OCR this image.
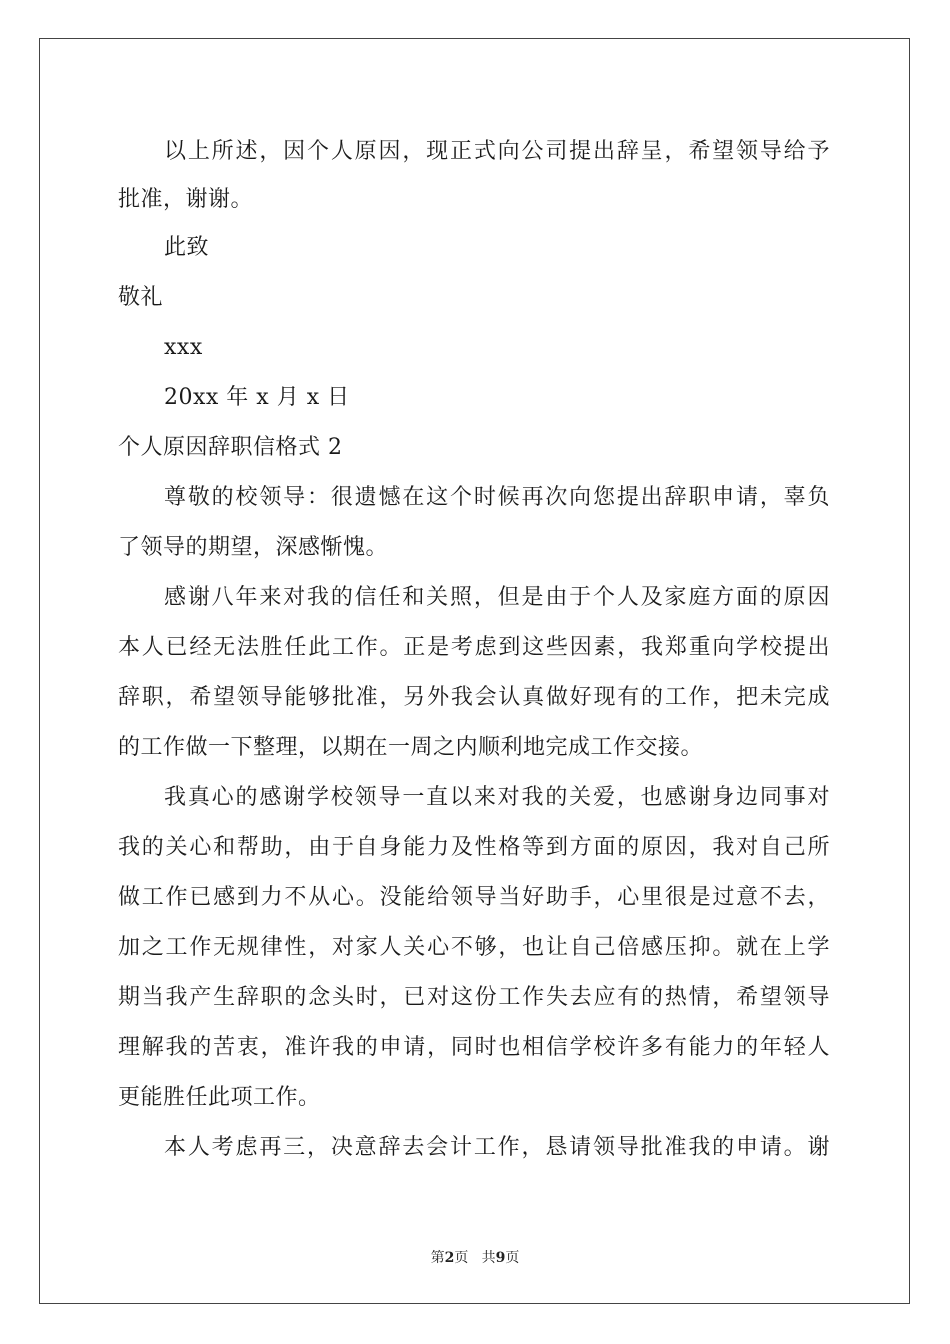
以上所述，因个人原因，现正式向公司提出辞呈，希望领导给予
批准，谢谢。
此致
敬礼
xxx
20xx 年 x 月 x 日
个人原因辞职信格式 2
尊敬的校领导：很遗憾在这个时候再次向您提出辞职申请，辜负
了领导的期望，深感惭愧。
感谢八年来对我的信任和关照，但是由于个人及家庭方面的原因
本人已经无法胜任此工作。正是考虑到这些因素，我郑重向学校提出
辞职，希望领导能够批准，另外我会认真做好现有的工作，把未完成
的工作做一下整理，以期在一周之内顺利地完成工作交接。
我真心的感谢学校领导一直以来对我的关爱，也感谢身边同事对
我的关心和帮助，由于自身能力及性格等到方面的原因，我对自己所
做工作已感到力不从心。没能给领导当好助手，心里很是过意不去，
加之工作无规律性，对家人关心不够，也让自己倍感压抑。就在上学
期当我产生辞职的念头时，已对这份工作失去应有的热情，希望领导
理解我的苦衷，准许我的申请，同时也相信学校许多有能力的年轻人
更能胜任此项工作。
本人考虑再三，决意辞去会计工作，恳请领导批准我的申请。谢
第2页 共9页
